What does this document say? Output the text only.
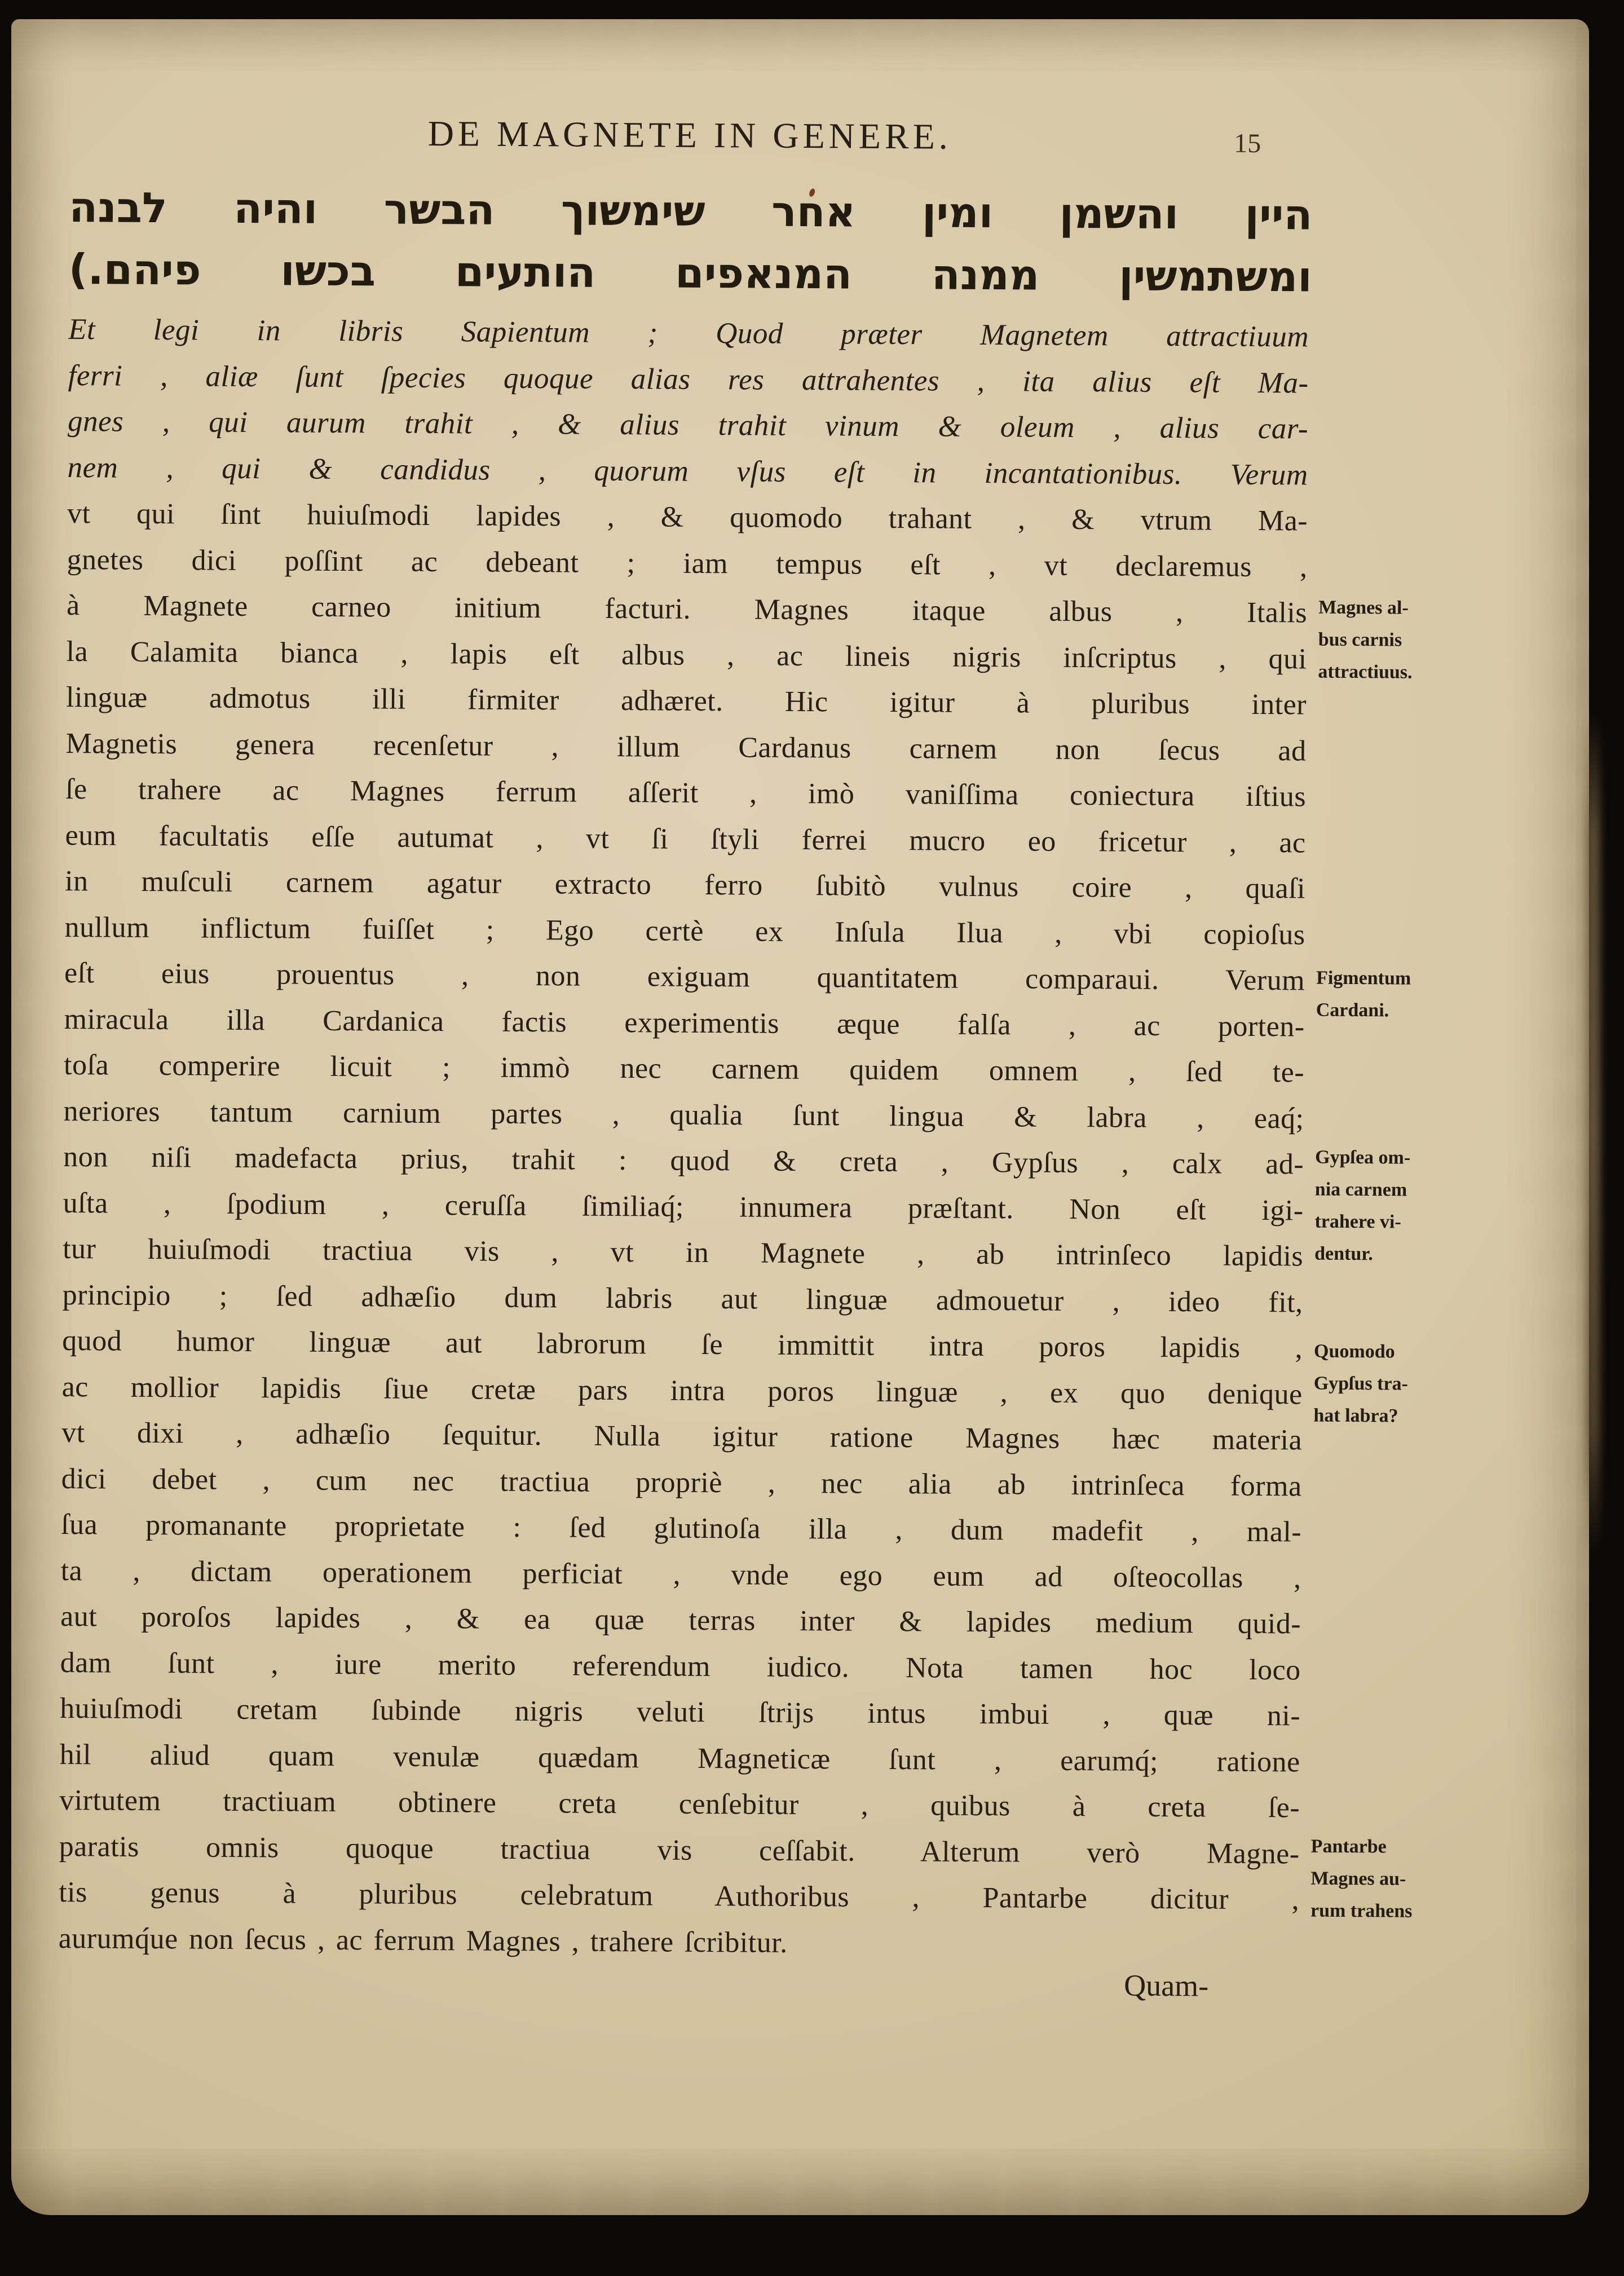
DE MAGNETE IN GENERE.	15
היין והשמן ומין אחר שימשוך הבשר והיה לבנה
ומשתמשין ממנה המנאפים הותעים בכשו פיהם.)
Et legi in libris Sapientum ; Quod præter Magnetem attractiuum
ferri , aliæ ſunt ſpecies quoque alias res attrahentes , ita alius eſt Ma-
gnes , qui aurum trahit , & alius trahit vinum & oleum , alius car-
nem , qui & candidus , quorum vſus eſt in incantationibus. Verum
vt qui ſint huiuſmodi lapides , & quomodo trahant , & vtrum Ma-
gnetes dici poſſint ac debeant ; iam tempus eſt , vt declaremus ,
à Magnete carneo initium facturi. Magnes itaque albus , Italis
la Calamita bianca , lapis eſt albus , ac lineis nigris inſcriptus , qui
linguæ admotus illi firmiter adhæret. Hic igitur à pluribus inter
Magnetis genera recenſetur , illum Cardanus carnem non ſecus ad
ſe trahere ac Magnes ferrum aſſerit , imò vaniſſima coniectura iſtius
eum facultatis eſſe autumat , vt ſi ſtyli ferrei mucro eo fricetur , ac
in muſculi carnem agatur extracto ferro ſubitò vulnus coire , quaſi
nullum inflictum fuiſſet ; Ego certè ex Inſula Ilua , vbi copioſus
eſt eius prouentus , non exiguam quantitatem comparaui. Verum
miracula illa Cardanica factis experimentis æque falſa , ac porten-
toſa comperire licuit ; immò nec carnem quidem omnem , ſed te-
neriores tantum carnium partes , qualia ſunt lingua & labra , eaq́;
non niſi madefacta prius, trahit : quod & creta , Gypſus , calx ad-
uſta , ſpodium , ceruſſa ſimiliaq́; innumera præſtant. Non eſt igi-
tur huiuſmodi tractiua vis , vt in Magnete , ab intrinſeco lapidis
principio ; ſed adhæſio dum labris aut linguæ admouetur , ideo fit,
quod humor linguæ aut labrorum ſe immittit intra poros lapidis ,
ac mollior lapidis ſiue cretæ pars intra poros linguæ , ex quo denique
vt dixi , adhæſio ſequitur. Nulla igitur ratione Magnes hæc materia
dici debet , cum nec tractiua propriè , nec alia ab intrinſeca forma
ſua promanante proprietate : ſed glutinoſa illa , dum madefit , mal-
ta , dictam operationem perficiat , vnde ego eum ad oſteocollas ,
aut poroſos lapides , & ea quæ terras inter & lapides medium quid-
dam ſunt , iure merito referendum iudico. Nota tamen hoc loco
huiuſmodi cretam ſubinde nigris veluti ſtrijs intus imbui , quæ ni-
hil aliud quam venulæ quædam Magneticæ ſunt , earumq́; ratione
virtutem tractiuam obtinere creta cenſebitur , quibus à creta ſe-
paratis omnis quoque tractiua vis ceſſabit. Alterum verò Magne-
tis genus à pluribus celebratum Authoribus , Pantarbe dicitur ,
aurumq́ue non ſecus , ac ferrum Magnes , trahere ſcribitur.
Magnes al-
bus carnis
attractiuus.
Figmentum
Cardani.
Gypſea om-
nia carnem
trahere vi-
dentur.
Quomodo
Gypſus tra-
hat labra?
Pantarbe
Magnes au-
rum trahens
Quam-
